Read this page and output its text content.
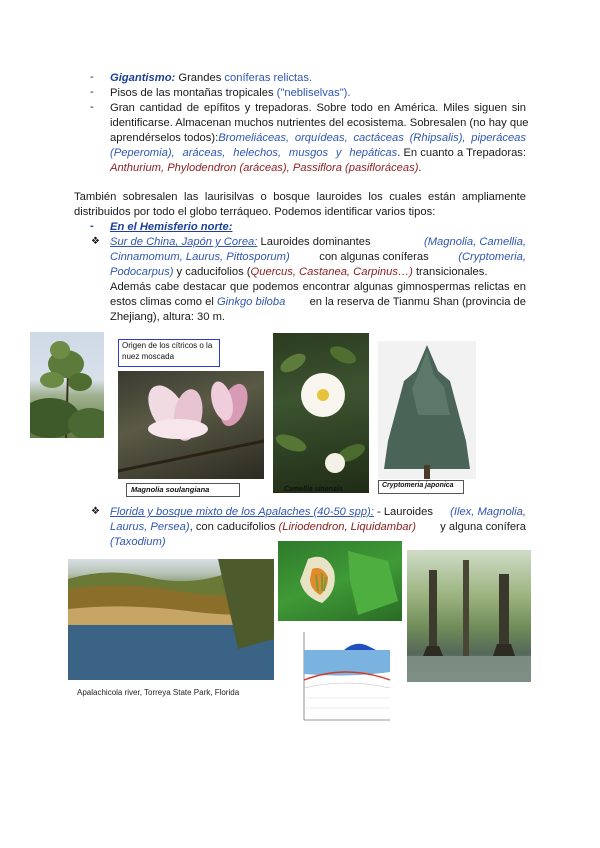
-	Gigantismo: Grandes coníferas relictas.
-	Pisos de las montañas tropicales ("nebliselvas").
-	Gran cantidad de epífitos y trepadoras. Sobre todo en América. Miles siguen sin
identificarse. Almacenan muchos nutrientes del ecosistema. Sobresalen (no hay que
aprendérselos todos): Bromeliáceas, orquídeas, cactáceas (Rhipsalis), piperáceas
(Peperomia), aráceas, helechos, musgos y hepáticas . En cuanto a Trepadoras:
Anthurium, Phylodendron (aráceas), Passiflora (pasifloráceas).
También sobresalen las laurisilvas o bosque lauroides los cuales están ampliamente
distribuidos por todo el globo terráqueo. Podemos identificar varios tipos:
-	En el Hemisferio norte:
❖ Sur de China, Japón y Corea: Lauroides dominantes	(Magnolia, Camellia,
Cinnamomum, Laurus, Pittosporum)	con algunas coníferas	(Cryptomeria,
Podocarpus) y caducifolios (Quercus, Castanea, Carpinus…) transicionales.
Además cabe destacar que podemos encontrar algunas gimnospermas relictas en
estos climas como el Ginkgo biloba	en la reserva de Tianmu Shan (provincia de
Zhejiang), altura: 30 m.
Origen de los cítricos o la nuez moscada
Magnolia soulangiana	Camellia sinensis
Cryptomeria japonica
❖ Florida y bosque mixto de los Apalaches (40-50 spp): - Lauroides	(Ilex, Magnolia,
Laurus, Persea) , con caducifolios (Liriodendron, Liquidambar)	y alguna conífera
(Taxodium)
Apalachicola river, Torreya State Park, Florida
